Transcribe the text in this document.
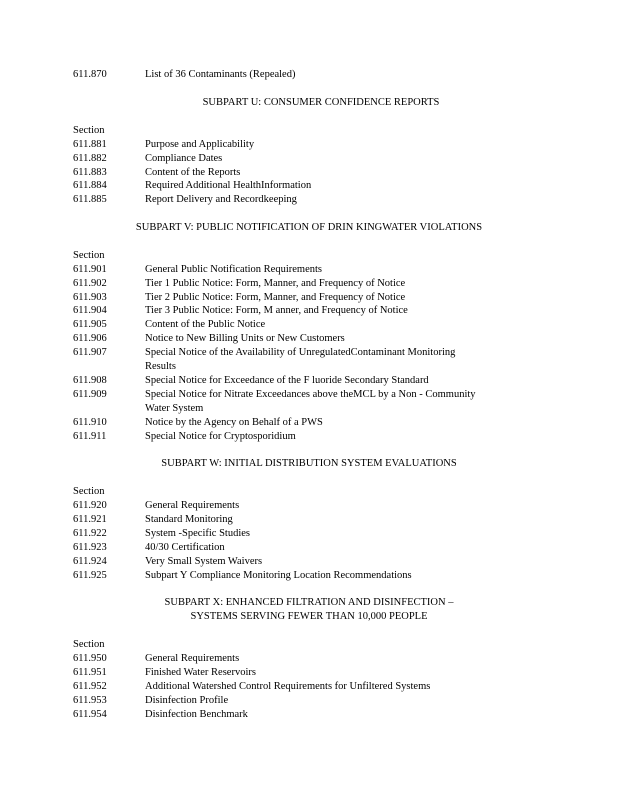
611.870	List of 36 Contaminants (Repealed)
SUBPART U: CONSUMER CONFIDENCE REPORTS
Section
611.881	Purpose and Applicability
611.882	Compliance Dates
611.883	Content of the Reports
611.884	Required Additional HealthInformation
611.885	Report Delivery and Recordkeeping
SUBPART V: PUBLIC NOTIFICATION OF DRIN KINGWATER VIOLATIONS
Section
611.901	General Public Notification Requirements
611.902	Tier 1 Public Notice: Form, Manner, and Frequency of Notice
611.903	Tier 2 Public Notice: Form, Manner, and Frequency of Notice
611.904	Tier 3 Public Notice: Form, M anner, and Frequency of Notice
611.905	Content of the Public Notice
611.906	Notice to New Billing Units or New Customers
611.907	Special Notice of the Availability of UnregulatedContaminant Monitoring
Results
611.908	Special Notice for Exceedance of the F luoride Secondary Standard
611.909	Special Notice for Nitrate Exceedances above theMCL by a Non - Community
Water System
611.910	Notice by the Agency on Behalf of a PWS
611.911	Special Notice for Cryptosporidium
SUBPART W: INITIAL DISTRIBUTION SYSTEM EVALUATIONS
Section
611.920	General Requirements
611.921	Standard Monitoring
611.922	System -Specific Studies
611.923	40/30 Certification
611.924	Very Small System Waivers
611.925	Subpart Y Compliance Monitoring Location Recommendations
SUBPART X: ENHANCED FILTRATION AND DISINFECTION –
SYSTEMS SERVING FEWER THAN 10,000 PEOPLE
Section
611.950	General Requirements
611.951	Finished Water Reservoirs
611.952	Additional Watershed Control Requirements for Unfiltered Systems
611.953	Disinfection Profile
611.954	Disinfection Benchmark
